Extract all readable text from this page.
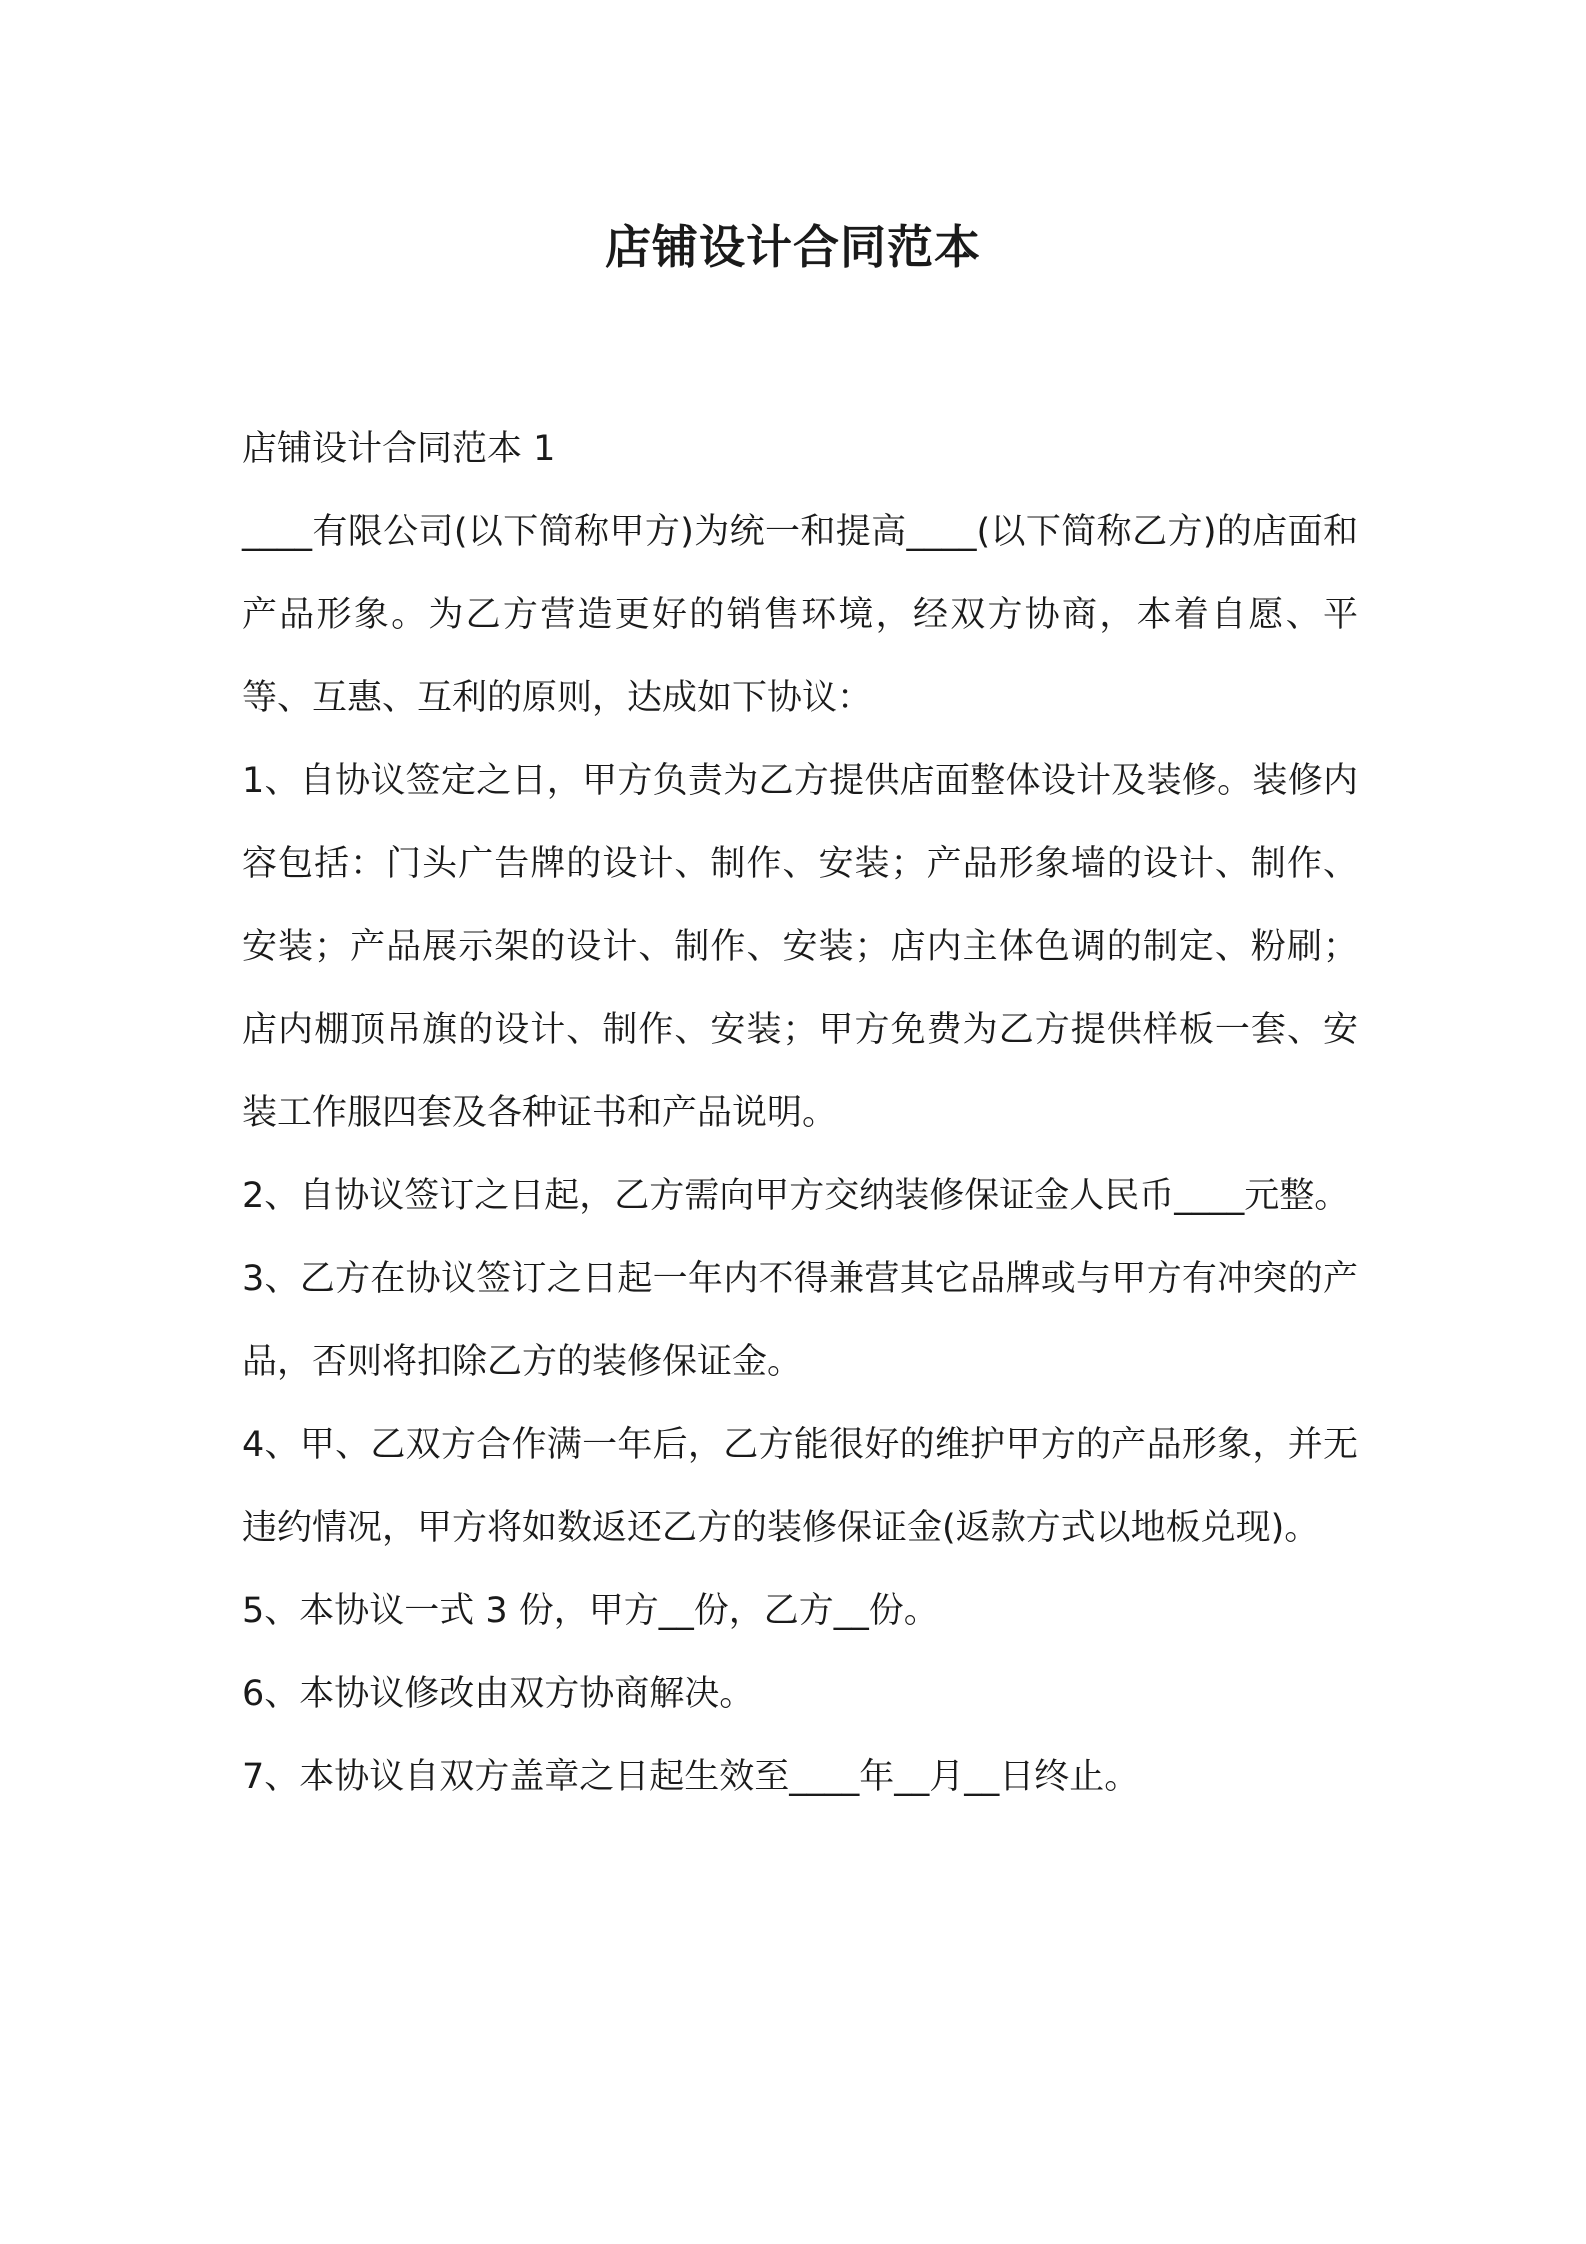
店铺设计合同范本

店铺设计合同范本 1

____有限公司(以下简称甲方)为统一和提高____(以下简称乙方)的店面和产品形象。为乙方营造更好的销售环境，经双方协商，本着自愿、平等、互惠、互利的原则，达成如下协议：

1、自协议签定之日，甲方负责为乙方提供店面整体设计及装修。装修内容包括：门头广告牌的设计、制作、安装；产品形象墙的设计、制作、安装；产品展示架的设计、制作、安装；店内主体色调的制定、粉刷；店内棚顶吊旗的设计、制作、安装；甲方免费为乙方提供样板一套、安装工作服四套及各种证书和产品说明。

2、自协议签订之日起，乙方需向甲方交纳装修保证金人民币____元整。

3、乙方在协议签订之日起一年内不得兼营其它品牌或与甲方有冲突的产品，否则将扣除乙方的装修保证金。

4、甲、乙双方合作满一年后，乙方能很好的维护甲方的产品形象，并无违约情况，甲方将如数返还乙方的装修保证金(返款方式以地板兑现)。

5、本协议一式 3 份，甲方__份，乙方__份。

6、本协议修改由双方协商解决。

7、本协议自双方盖章之日起生效至____年__月__日终止。
